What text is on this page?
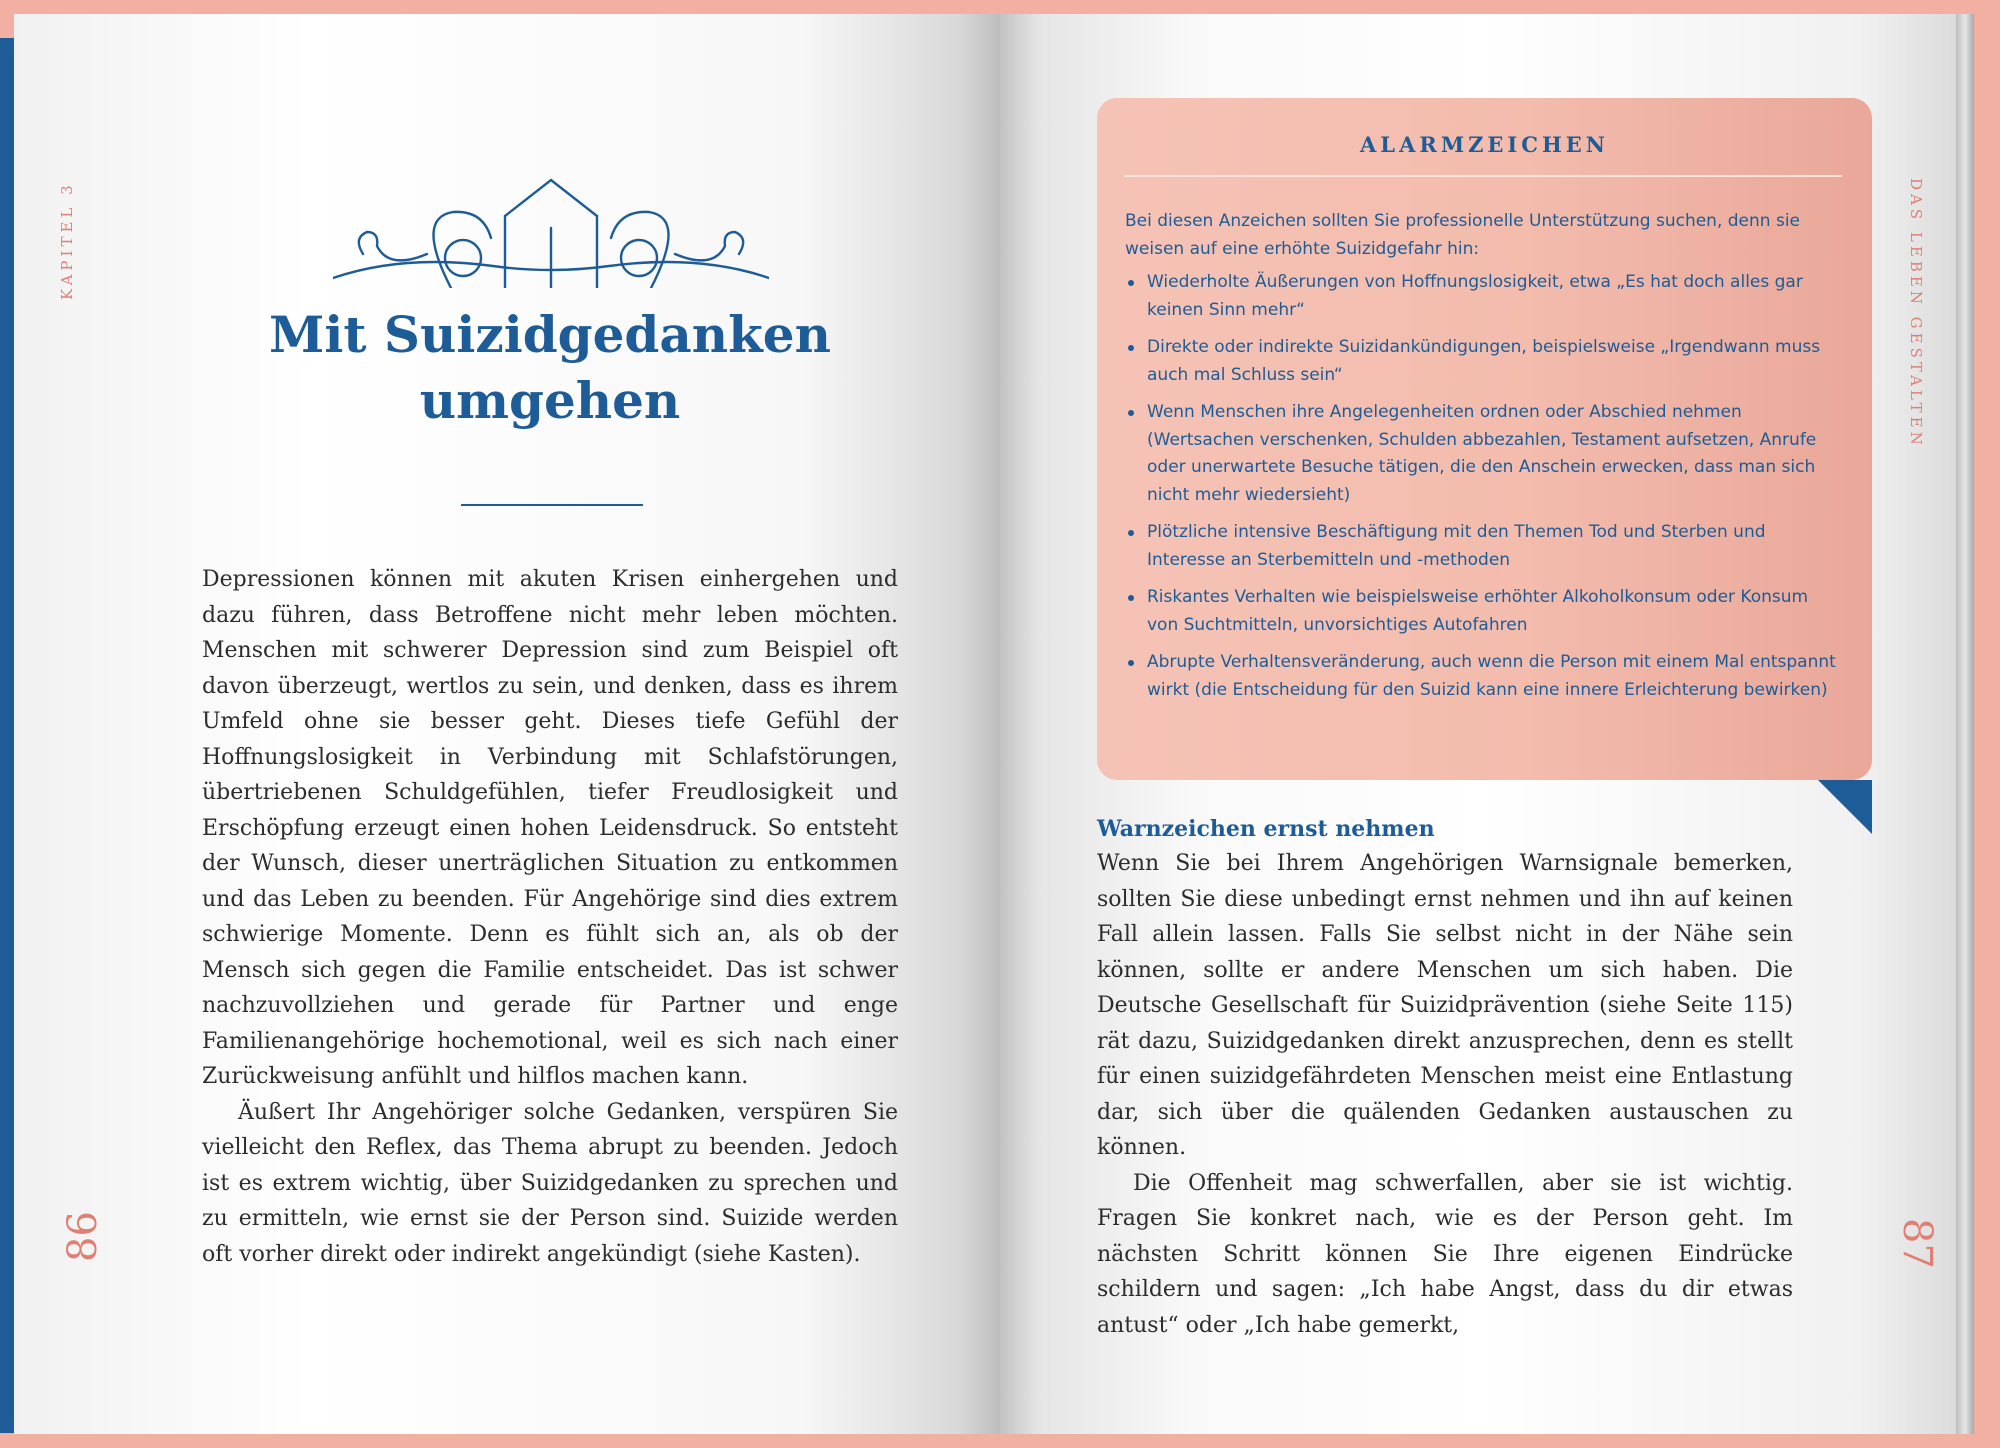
KAPITEL 3
86
Mit Suizidgedanken
umgehen

Depressionen können mit akuten Krisen einhergehen und dazu führen, dass Betroffene nicht mehr leben möchten. Menschen mit schwerer Depression sind zum Beispiel oft davon überzeugt, wertlos zu sein, und denken, dass es ihrem Umfeld ohne sie besser geht. Dieses tiefe Gefühl der Hoffnungslosigkeit in Verbindung mit Schlafstörungen, übertriebenen Schuldgefühlen, tiefer Freudlosigkeit und Erschöpfung erzeugt einen hohen Leidensdruck. So entsteht der Wunsch, dieser unerträglichen Situation zu entkommen und das Leben zu beenden. Für Angehörige sind dies extrem schwierige Momente. Denn es fühlt sich an, als ob der Mensch sich gegen die Familie entscheidet. Das ist schwer nachzuvollziehen und gerade für Partner und enge Familienangehörige hochemotional, weil es sich nach einer Zurückweisung anfühlt und hilflos machen kann.

Äußert Ihr Angehöriger solche Gedanken, verspüren Sie vielleicht den Reflex, das Thema abrupt zu beenden. Jedoch ist es extrem wichtig, über Suizidgedanken zu sprechen und zu ermitteln, wie ernst sie der Person sind. Suizide werden oft vorher direkt oder indirekt angekündigt (siehe Kasten).

DAS LEBEN GESTALTEN
87
ALARMZEICHEN

Bei diesen Anzeichen sollten Sie professionelle Unterstützung suchen, denn sie weisen auf eine erhöhte Suizidgefahr hin:

Wiederholte Äußerungen von Hoffnungslosigkeit, etwa „Es hat doch alles gar keinen Sinn mehr“
Direkte oder indirekte Suizidankündigungen, beispielsweise „Irgendwann muss auch mal Schluss sein“
Wenn Menschen ihre Angelegenheiten ordnen oder Abschied nehmen (Wertsachen verschenken, Schulden abbezahlen, Testament aufsetzen, Anrufe oder unerwartete Besuche tätigen, die den Anschein erwecken, dass man sich nicht mehr wiedersieht)
Plötzliche intensive Beschäftigung mit den Themen Tod und Sterben und Interesse an Sterbemitteln und -methoden
Riskantes Verhalten wie beispielsweise erhöhter Alkoholkonsum oder Konsum von Suchtmitteln, unvorsichtiges Autofahren
Abrupte Verhaltensveränderung, auch wenn die Person mit einem Mal entspannt wirkt (die Entscheidung für den Suizid kann eine innere Erleichterung bewirken)
Warnzeichen ernst nehmen

Wenn Sie bei Ihrem Angehörigen Warnsignale bemerken, sollten Sie diese unbedingt ernst nehmen und ihn auf keinen Fall allein lassen. Falls Sie selbst nicht in der Nähe sein können, sollte er andere Menschen um sich haben. Die Deutsche Gesellschaft für Suizidprävention (siehe Seite 115) rät dazu, Suizidgedanken direkt anzusprechen, denn es stellt für einen suizidgefährdeten Menschen meist eine Entlastung dar, sich über die quälenden Gedanken austauschen zu können.

Die Offenheit mag schwerfallen, aber sie ist wichtig. Fragen Sie konkret nach, wie es der Person geht. Im nächsten Schritt können Sie Ihre eigenen Eindrücke schildern und sagen: „Ich habe Angst, dass du dir etwas antust“ oder „Ich habe gemerkt,
